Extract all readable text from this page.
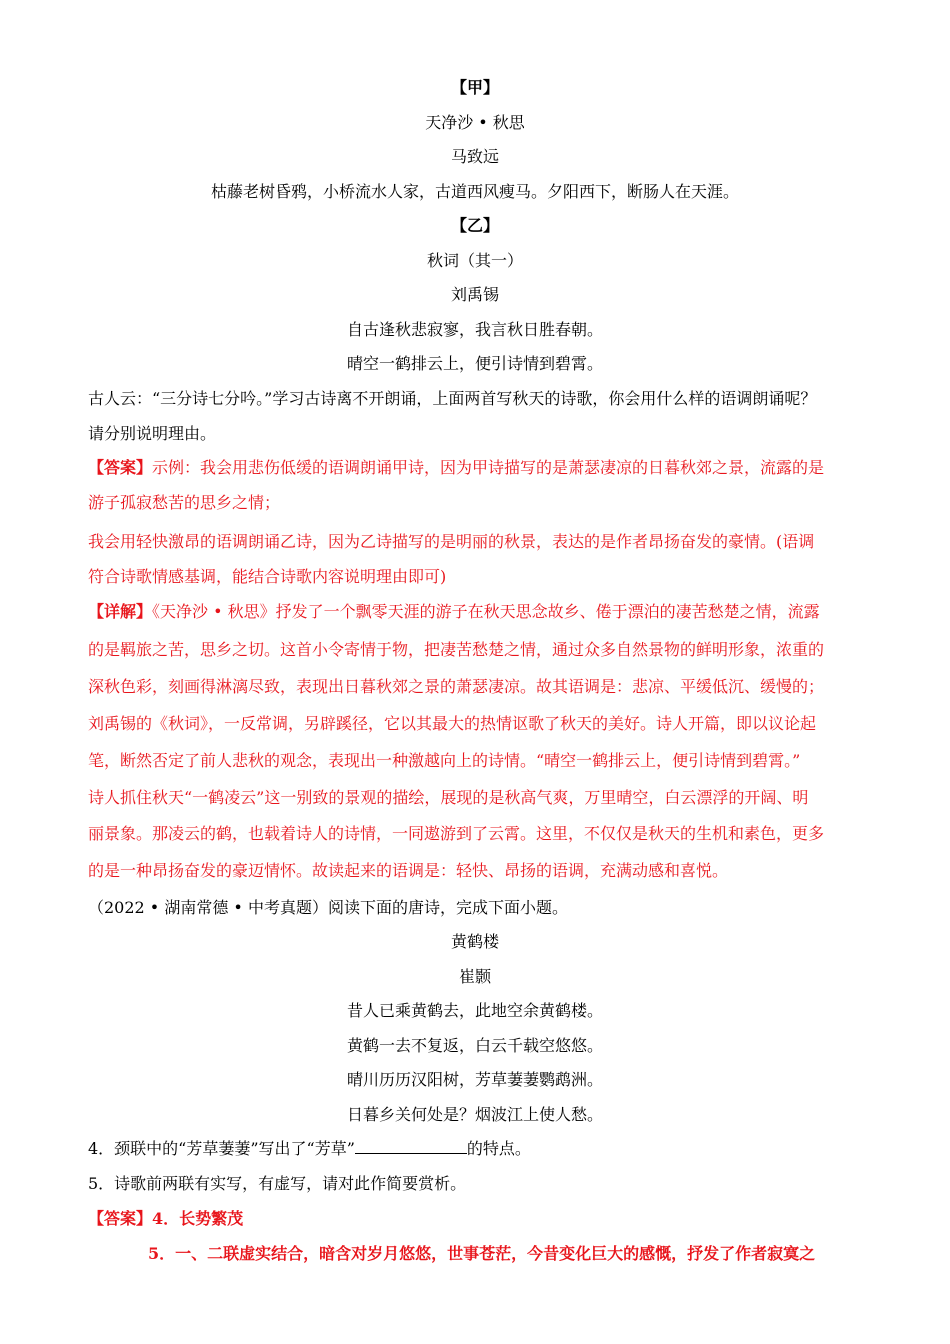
【甲】
天净沙 • 秋思
马致远
枯藤老树昏鸦，小桥流水人家，古道西风瘦马。夕阳西下，断肠人在天涯。
【乙】
秋词（其一）
刘禹锡
自古逢秋悲寂寥，我言秋日胜春朝。
晴空一鹤排云上，便引诗情到碧霄。
古人云：“三分诗七分吟。”学习古诗离不开朗诵，上面两首写秋天的诗歌，你会用什么样的语调朗诵呢？
请分别说明理由。
【答案】示例：我会用悲伤低缓的语调朗诵甲诗，因为甲诗描写的是萧瑟凄凉的日暮秋郊之景，流露的是
游子孤寂愁苦的思乡之情；
我会用轻快激昂的语调朗诵乙诗，因为乙诗描写的是明丽的秋景，表达的是作者昂扬奋发的豪情。(语调
符合诗歌情感基调，能结合诗歌内容说明理由即可)
【详解】《天净沙 • 秋思》抒发了一个飘零天涯的游子在秋天思念故乡、倦于漂泊的凄苦愁楚之情，流露
的是羁旅之苦，思乡之切。这首小令寄情于物，把凄苦愁楚之情，通过众多自然景物的鲜明形象，浓重的
深秋色彩，刻画得淋漓尽致，表现出日暮秋郊之景的萧瑟凄凉。故其语调是：悲凉、平缓低沉、缓慢的；
刘禹锡的《秋词》，一反常调，另辟蹊径，它以其最大的热情讴歌了秋天的美好。诗人开篇，即以议论起
笔，断然否定了前人悲秋的观念，表现出一种激越向上的诗情。“晴空一鹤排云上，便引诗情到碧霄。”
诗人抓住秋天“一鹤凌云”这一别致的景观的描绘，展现的是秋高气爽，万里晴空，白云漂浮的开阔、明
丽景象。那凌云的鹤，也载着诗人的诗情，一同遨游到了云霄。这里，不仅仅是秋天的生机和素色，更多
的是一种昂扬奋发的豪迈情怀。故读起来的语调是：轻快、昂扬的语调，充满动感和喜悦。
（2022 • 湖南常德 • 中考真题）阅读下面的唐诗，完成下面小题。
黄鹤楼
崔颢
昔人已乘黄鹤去，此地空余黄鹤楼。
黄鹤一去不复返，白云千载空悠悠。
晴川历历汉阳树，芳草萋萋鹦鹉洲。
日暮乡关何处是？烟波江上使人愁。
4．颈联中的“芳草萋萋”写出了“芳草”	的特点。
5．诗歌前两联有实写，有虚写，请对此作简要赏析。
【答案】4．长势繁茂
5．一、二联虚实结合，暗含对岁月悠悠，世事苍茫，今昔变化巨大的感慨，抒发了作者寂寞之
